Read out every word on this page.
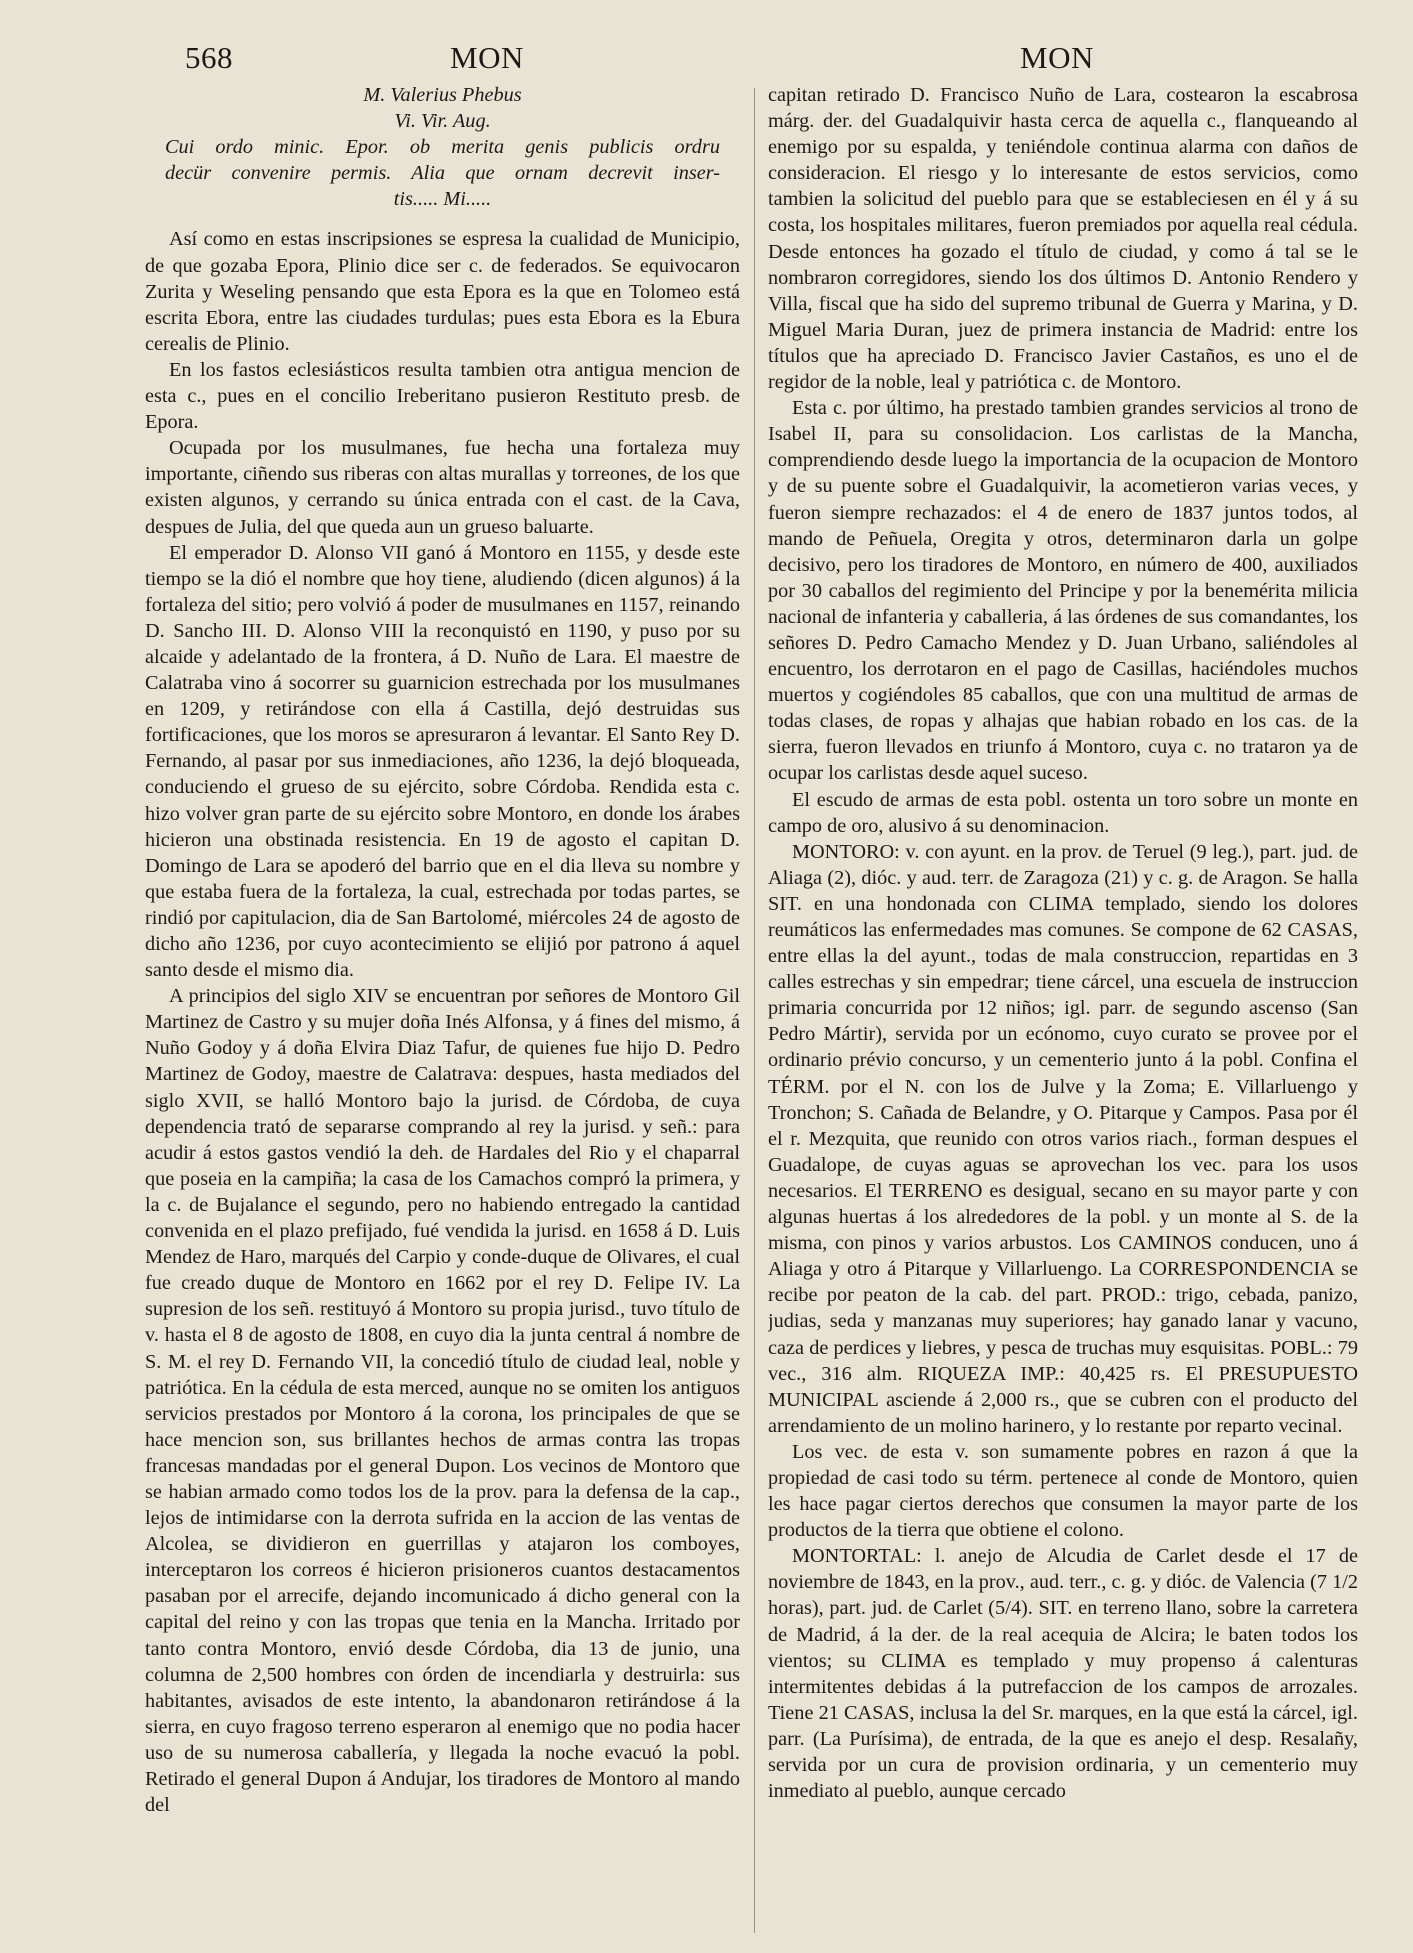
568	MON	MON
M. Valerius Phebus
Vi. Vir. Aug.
Cui ordo minic. Epor. ob merita genis publicis ordru
decür convenire permis. Alia que ornam decrevit inser-
tis..... Mi.....

Así como en estas inscripsiones se espresa la cualidad de Municipio, de que gozaba Epora, Plinio dice ser c. de federados. Se equivocaron Zurita y Weseling pensando que esta Epora es la que en Tolomeo está escrita Ebora, entre las ciudades turdulas; pues esta Ebora es la Ebura cerealis de Plinio.

En los fastos eclesiásticos resulta tambien otra antigua mencion de esta c., pues en el concilio Ireberitano pusieron Restituto presb. de Epora.

Ocupada por los musulmanes, fue hecha una fortaleza muy importante, ciñendo sus riberas con altas murallas y torreones, de los que existen algunos, y cerrando su única entrada con el cast. de la Cava, despues de Julia, del que queda aun un grueso baluarte.

El emperador D. Alonso VII ganó á Montoro en 1155, y desde este tiempo se la dió el nombre que hoy tiene, aludiendo (dicen algunos) á la fortaleza del sitio; pero volvió á poder de musulmanes en 1157, reinando D. Sancho III. D. Alonso VIII la reconquistó en 1190, y puso por su alcaide y adelantado de la frontera, á D. Nuño de Lara. El maestre de Calatraba vino á socorrer su guarnicion estrechada por los musulmanes en 1209, y retirándose con ella á Castilla, dejó destruidas sus fortificaciones, que los moros se apresuraron á levantar. El Santo Rey D. Fernando, al pasar por sus inmediaciones, año 1236, la dejó bloqueada, conduciendo el grueso de su ejército, sobre Córdoba. Rendida esta c. hizo volver gran parte de su ejército sobre Montoro, en donde los árabes hicieron una obstinada resistencia. En 19 de agosto el capitan D. Domingo de Lara se apoderó del barrio que en el dia lleva su nombre y que estaba fuera de la fortaleza, la cual, estrechada por todas partes, se rindió por capitulacion, dia de San Bartolomé, miércoles 24 de agosto de dicho año 1236, por cuyo acontecimiento se elijió por patrono á aquel santo desde el mismo dia.

A principios del siglo XIV se encuentran por señores de Montoro Gil Martinez de Castro y su mujer doña Inés Alfonsa, y á fines del mismo, á Nuño Godoy y á doña Elvira Diaz Tafur, de quienes fue hijo D. Pedro Martinez de Godoy, maestre de Calatrava: despues, hasta mediados del siglo XVII, se halló Montoro bajo la jurisd. de Córdoba, de cuya dependencia trató de separarse comprando al rey la jurisd. y señ.: para acudir á estos gastos vendió la deh. de Hardales del Rio y el chaparral que poseia en la campiña; la casa de los Camachos compró la primera, y la c. de Bujalance el segundo, pero no habiendo entregado la cantidad convenida en el plazo prefijado, fué vendida la jurisd. en 1658 á D. Luis Mendez de Haro, marqués del Carpio y conde-duque de Olivares, el cual fue creado duque de Montoro en 1662 por el rey D. Felipe IV. La supresion de los señ. restituyó á Montoro su propia jurisd., tuvo título de v. hasta el 8 de agosto de 1808, en cuyo dia la junta central á nombre de S. M. el rey D. Fernando VII, la concedió título de ciudad leal, noble y patriótica. En la cédula de esta merced, aunque no se omiten los antiguos servicios prestados por Montoro á la corona, los principales de que se hace mencion son, sus brillantes hechos de armas contra las tropas francesas mandadas por el general Dupon. Los vecinos de Montoro que se habian armado como todos los de la prov. para la defensa de la cap., lejos de intimidarse con la derrota sufrida en la accion de las ventas de Alcolea, se dividieron en guerrillas y atajaron los comboyes, interceptaron los correos é hicieron prisioneros cuantos destacamentos pasaban por el arrecife, dejando incomunicado á dicho general con la capital del reino y con las tropas que tenia en la Mancha. Irritado por tanto contra Montoro, envió desde Córdoba, dia 13 de junio, una columna de 2,500 hombres con órden de incendiarla y destruirla: sus habitantes, avisados de este intento, la abandonaron retirándose á la sierra, en cuyo fragoso terreno esperaron al enemigo que no podia hacer uso de su numerosa caballería, y llegada la noche evacuó la pobl. Retirado el general Dupon á Andujar, los tiradores de Montoro al mando del

capitan retirado D. Francisco Nuño de Lara, costearon la escabrosa márg. der. del Guadalquivir hasta cerca de aquella c., flanqueando al enemigo por su espalda, y teniéndole continua alarma con daños de consideracion. El riesgo y lo interesante de estos servicios, como tambien la solicitud del pueblo para que se estableciesen en él y á su costa, los hospitales militares, fueron premiados por aquella real cédula. Desde entonces ha gozado el título de ciudad, y como á tal se le nombraron corregidores, siendo los dos últimos D. Antonio Rendero y Villa, fiscal que ha sido del supremo tribunal de Guerra y Marina, y D. Miguel Maria Duran, juez de primera instancia de Madrid: entre los títulos que ha apreciado D. Francisco Javier Castaños, es uno el de regidor de la noble, leal y patriótica c. de Montoro.

Esta c. por último, ha prestado tambien grandes servicios al trono de Isabel II, para su consolidacion. Los carlistas de la Mancha, comprendiendo desde luego la importancia de la ocupacion de Montoro y de su puente sobre el Guadalquivir, la acometieron varias veces, y fueron siempre rechazados: el 4 de enero de 1837 juntos todos, al mando de Peñuela, Oregita y otros, determinaron darla un golpe decisivo, pero los tiradores de Montoro, en número de 400, auxiliados por 30 caballos del regimiento del Principe y por la benemérita milicia nacional de infanteria y caballeria, á las órdenes de sus comandantes, los señores D. Pedro Camacho Mendez y D. Juan Urbano, saliéndoles al encuentro, los derrotaron en el pago de Casillas, haciéndoles muchos muertos y cogiéndoles 85 caballos, que con una multitud de armas de todas clases, de ropas y alhajas que habian robado en los cas. de la sierra, fueron llevados en triunfo á Montoro, cuya c. no trataron ya de ocupar los carlistas desde aquel suceso.

El escudo de armas de esta pobl. ostenta un toro sobre un monte en campo de oro, alusivo á su denominacion.

MONTORO: v. con ayunt. en la prov. de Teruel (9 leg.), part. jud. de Aliaga (2), dióc. y aud. terr. de Zaragoza (21) y c. g. de Aragon. Se halla SIT. en una hondonada con CLIMA templado, siendo los dolores reumáticos las enfermedades mas comunes. Se compone de 62 CASAS, entre ellas la del ayunt., todas de mala construccion, repartidas en 3 calles estrechas y sin empedrar; tiene cárcel, una escuela de instruccion primaria concurrida por 12 niños; igl. parr. de segundo ascenso (San Pedro Mártir), servida por un ecónomo, cuyo curato se provee por el ordinario prévio concurso, y un cementerio junto á la pobl. Confina el TÉRM. por el N. con los de Julve y la Zoma; E. Villarluengo y Tronchon; S. Cañada de Belandre, y O. Pitarque y Campos. Pasa por él el r. Mezquita, que reunido con otros varios riach., forman despues el Guadalope, de cuyas aguas se aprovechan los vec. para los usos necesarios. El TERRENO es desigual, secano en su mayor parte y con algunas huertas á los alrededores de la pobl. y un monte al S. de la misma, con pinos y varios arbustos. Los CAMINOS conducen, uno á Aliaga y otro á Pitarque y Villarluengo. La CORRESPONDENCIA se recibe por peaton de la cab. del part. PROD.: trigo, cebada, panizo, judias, seda y manzanas muy superiores; hay ganado lanar y vacuno, caza de perdices y liebres, y pesca de truchas muy esquisitas. POBL.: 79 vec., 316 alm. RIQUEZA IMP.: 40,425 rs. El PRESUPUESTO MUNICIPAL asciende á 2,000 rs., que se cubren con el producto del arrendamiento de un molino harinero, y lo restante por reparto vecinal.

Los vec. de esta v. son sumamente pobres en razon á que la propiedad de casi todo su térm. pertenece al conde de Montoro, quien les hace pagar ciertos derechos que consumen la mayor parte de los productos de la tierra que obtiene el colono.

MONTORTAL: l. anejo de Alcudia de Carlet desde el 17 de noviembre de 1843, en la prov., aud. terr., c. g. y dióc. de Valencia (7 1/2 horas), part. jud. de Carlet (5/4). SIT. en terreno llano, sobre la carretera de Madrid, á la der. de la real acequia de Alcira; le baten todos los vientos; su CLIMA es templado y muy propenso á calenturas intermitentes debidas á la putrefaccion de los campos de arrozales. Tiene 21 CASAS, inclusa la del Sr. marques, en la que está la cárcel, igl. parr. (La Purísima), de entrada, de la que es anejo el desp. Resalañy, servida por un cura de provision ordinaria, y un cementerio muy inmediato al pueblo, aunque cercado
